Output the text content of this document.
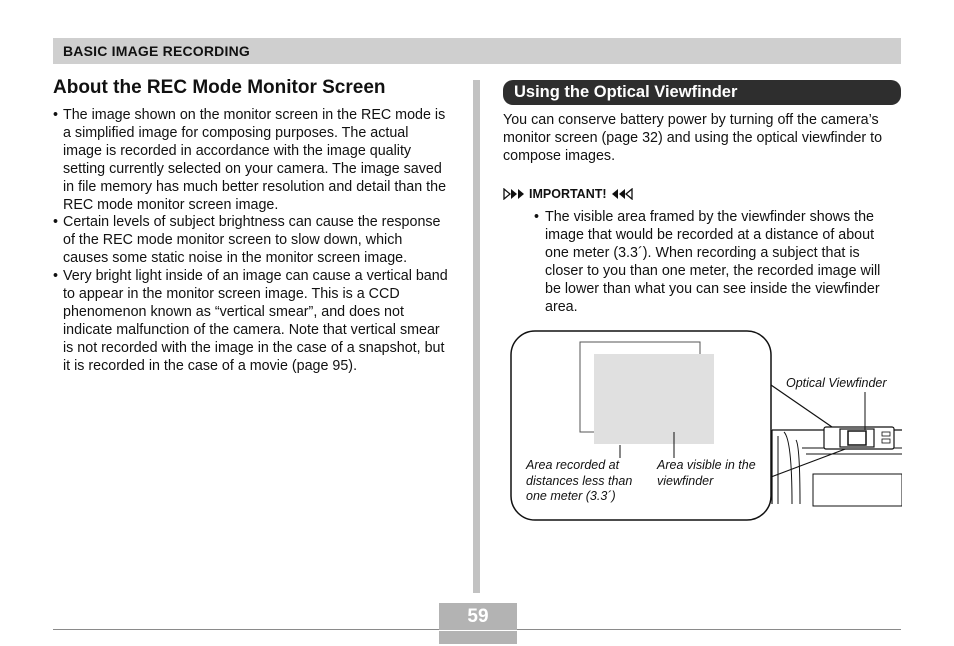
BASIC IMAGE RECORDING
About the REC Mode Monitor Screen
• The image shown on the monitor screen in the REC mode is a simplified image for composing purposes. The actual image is recorded in accordance with the image quality setting currently selected on your camera. The image saved in file memory has much better resolution and detail than the REC mode monitor screen image.
• Certain levels of subject brightness can cause the response of the REC mode monitor screen to slow down, which causes some static noise in the monitor screen image.
• Very bright light inside of an image can cause a vertical band to appear in the monitor screen image. This is a CCD phenomenon known as “vertical smear”, and does not indicate malfunction of the camera. Note that vertical smear is not recorded with the image in the case of a snapshot, but it is recorded in the case of a movie (page 95).
Using the Optical Viewfinder
You can conserve battery power by turning off the camera’s monitor screen (page 32) and using the optical viewfinder to compose images.
IMPORTANT!
• The visible area framed by the viewfinder shows the image that would be recorded at a distance of about one meter (3.3´). When recording a subject that is closer to you than one meter, the recorded image will be lower than what you can see inside the viewfinder area.
Optical Viewfinder
Area recorded at distances less than one meter (3.3´)
Area visible in the viewfinder
59
